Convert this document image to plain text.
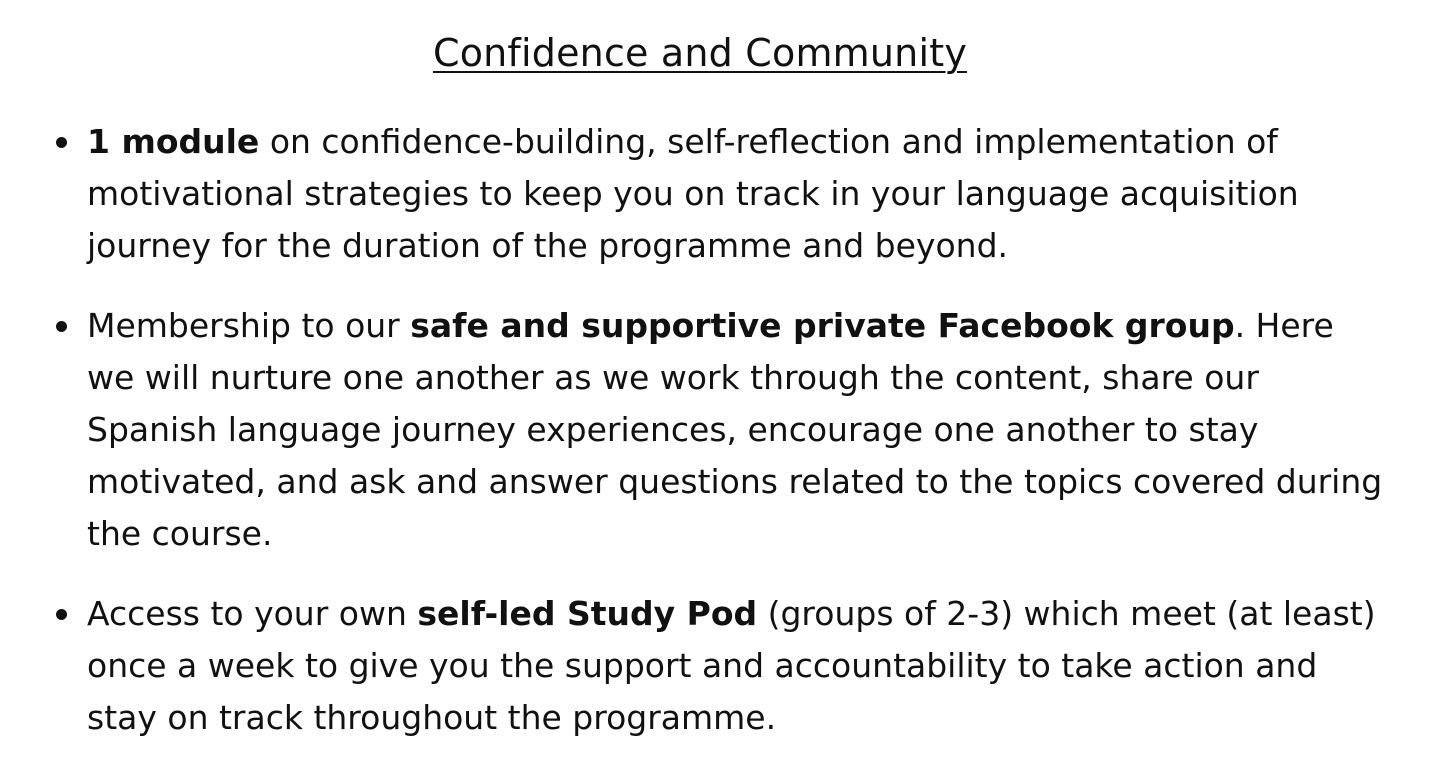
Confidence and Community
1 module on confidence-building, self-reflection and implementation of motivational strategies to keep you on track in your language acquisition journey for the duration of the programme and beyond.
Membership to our safe and supportive private Facebook group. Here we will nurture one another as we work through the content, share our Spanish language journey experiences, encourage one another to stay motivated, and ask and answer questions related to the topics covered during the course.
Access to your own self-led Study Pod (groups of 2-3) which meet (at least) once a week to give you the support and accountability to take action and stay on track throughout the programme.
